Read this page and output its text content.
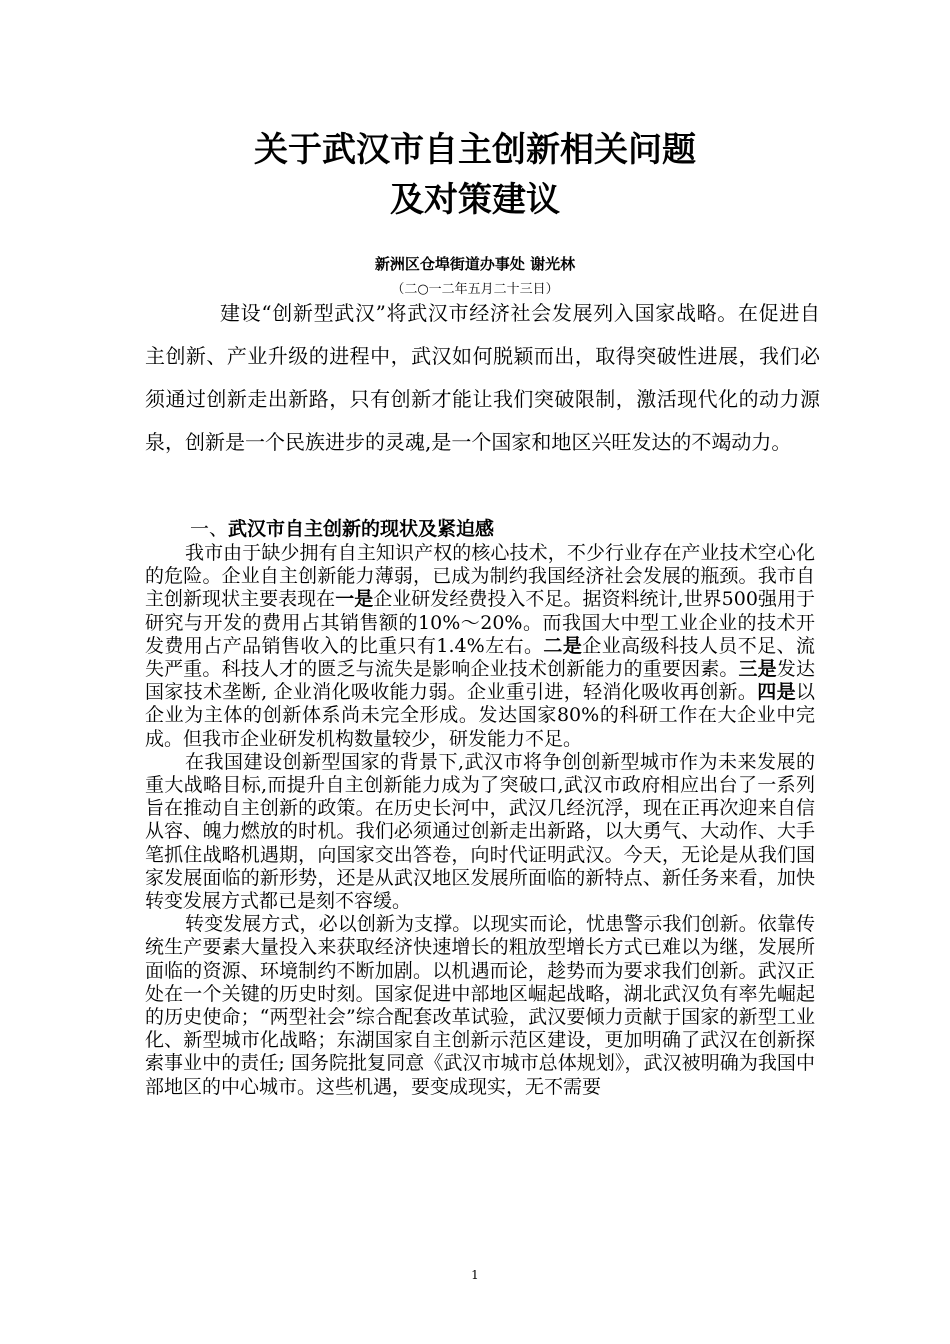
关于武汉市自主创新相关问题
及对策建议
新洲区仓埠街道办事处 谢光林
（二○一二年五月二十三日）

建设“创新型武汉”将武汉市经济社会发展列入国家战略。在促进自主创新、产业升级的进程中，武汉如何脱颖而出，取得突破性进展，我们必须通过创新走出新路，只有创新才能让我们突破限制，激活现代化的动力源泉，创新是一个民族进步的灵魂,是一个国家和地区兴旺发达的不竭动力。

一、武汉市自主创新的现状及紧迫感

我市由于缺少拥有自主知识产权的核心技术，不少行业存在产业技术空心化的危险。企业自主创新能力薄弱，已成为制约我国经济社会发展的瓶颈。我市自主创新现状主要表现在一是企业研发经费投入不足。据资料统计,世界500强用于研究与开发的费用占其销售额的10%～20%。而我国大中型工业企业的技术开发费用占产品销售收入的比重只有1.4%左右。二是企业高级科技人员不足、流失严重。科技人才的匮乏与流失是影响企业技术创新能力的重要因素。三是发达国家技术垄断, 企业消化吸收能力弱。企业重引进，轻消化吸收再创新。四是以企业为主体的创新体系尚未完全形成。发达国家80%的科研工作在大企业中完成。但我市企业研发机构数量较少，研发能力不足。

在我国建设创新型国家的背景下,武汉市将争创创新型城市作为未来发展的重大战略目标,而提升自主创新能力成为了突破口,武汉市政府相应出台了一系列旨在推动自主创新的政策。在历史长河中，武汉几经沉浮，现在正再次迎来自信从容、魄力燃放的时机。我们必须通过创新走出新路，以大勇气、大动作、大手笔抓住战略机遇期，向国家交出答卷，向时代证明武汉。今天，无论是从我们国家发展面临的新形势，还是从武汉地区发展所面临的新特点、新任务来看，加快转变发展方式都已是刻不容缓。

转变发展方式，必以创新为支撑。以现实而论，忧患警示我们创新。依靠传统生产要素大量投入来获取经济快速增长的粗放型增长方式已难以为继，发展所面临的资源、环境制约不断加剧。以机遇而论，趁势而为要求我们创新。武汉正处在一个关键的历史时刻。国家促进中部地区崛起战略，湖北武汉负有率先崛起的历史使命；“两型社会”综合配套改革试验，武汉要倾力贡献于国家的新型工业化、新型城市化战略；东湖国家自主创新示范区建设，更加明确了武汉在创新探索事业中的责任; 国务院批复同意《武汉市城市总体规划》，武汉被明确为我国中部地区的中心城市。这些机遇，要变成现实，无不需要

1
